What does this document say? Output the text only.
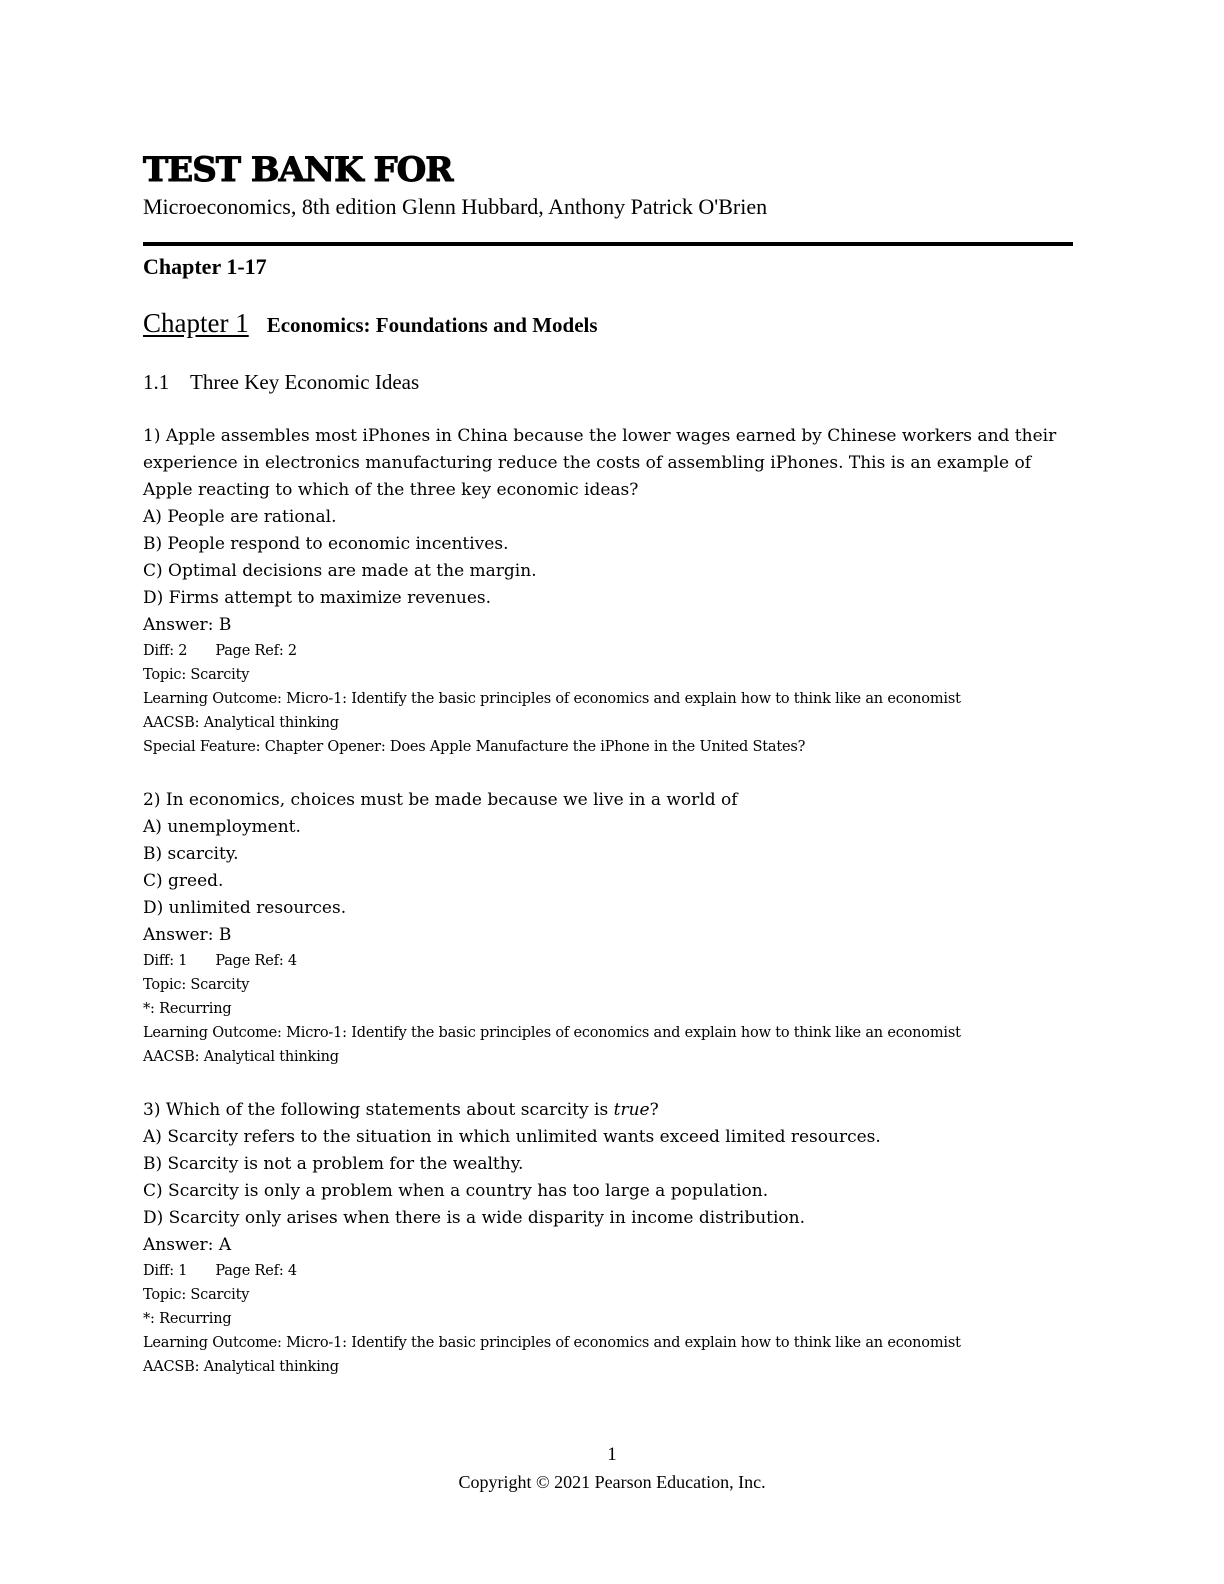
TEST BANK FOR
Microeconomics, 8th edition Glenn Hubbard, Anthony Patrick O'Brien
Chapter 1-17
Chapter 1 Economics: Foundations and Models
1.1 Three Key Economic Ideas
1) Apple assembles most iPhones in China because the lower wages earned by Chinese workers and their experience in electronics manufacturing reduce the costs of assembling iPhones. This is an example of Apple reacting to which of the three key economic ideas?
A) People are rational.
B) People respond to economic incentives.
C) Optimal decisions are made at the margin.
D) Firms attempt to maximize revenues.
Answer: B
Diff: 2 Page Ref: 2
Topic: Scarcity
Learning Outcome: Micro-1: Identify the basic principles of economics and explain how to think like an economist
AACSB: Analytical thinking
Special Feature: Chapter Opener: Does Apple Manufacture the iPhone in the United States?
2) In economics, choices must be made because we live in a world of
A) unemployment.
B) scarcity.
C) greed.
D) unlimited resources.
Answer: B
Diff: 1 Page Ref: 4
Topic: Scarcity
*: Recurring
Learning Outcome: Micro-1: Identify the basic principles of economics and explain how to think like an economist
AACSB: Analytical thinking
3) Which of the following statements about scarcity is true?
A) Scarcity refers to the situation in which unlimited wants exceed limited resources.
B) Scarcity is not a problem for the wealthy.
C) Scarcity is only a problem when a country has too large a population.
D) Scarcity only arises when there is a wide disparity in income distribution.
Answer: A
Diff: 1 Page Ref: 4
Topic: Scarcity
*: Recurring
Learning Outcome: Micro-1: Identify the basic principles of economics and explain how to think like an economist
AACSB: Analytical thinking
1
Copyright © 2021 Pearson Education, Inc.
